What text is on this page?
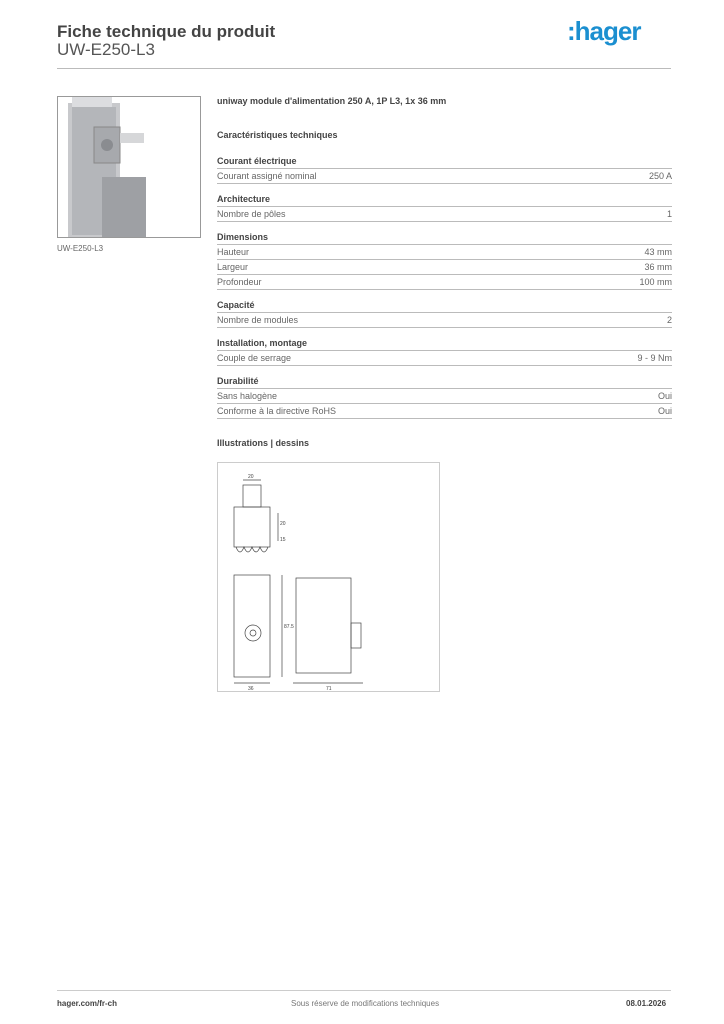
Fiche technique du produit
UW-E250-L3
:hager
UW-E250-L3
uniway module d'alimentation 250 A, 1P L3, 1x 36 mm
Caractéristiques techniques
Courant électrique
Courant assigné nominal	250 A
Architecture
Nombre de pôles	1
Dimensions
Hauteur	43 mm
Largeur	36 mm
Profondeur	100 mm
Capacité
Nombre de modules	2
Installation, montage
Couple de serrage	9 - 9 Nm
Durabilité
Sans halogène	Oui
Conforme à la directive RoHS	Oui
Illustrations | dessins
20
20
15
87.5
36	71
hager.com/fr-ch	Sous réserve de modifications techniques	08.01.2026
